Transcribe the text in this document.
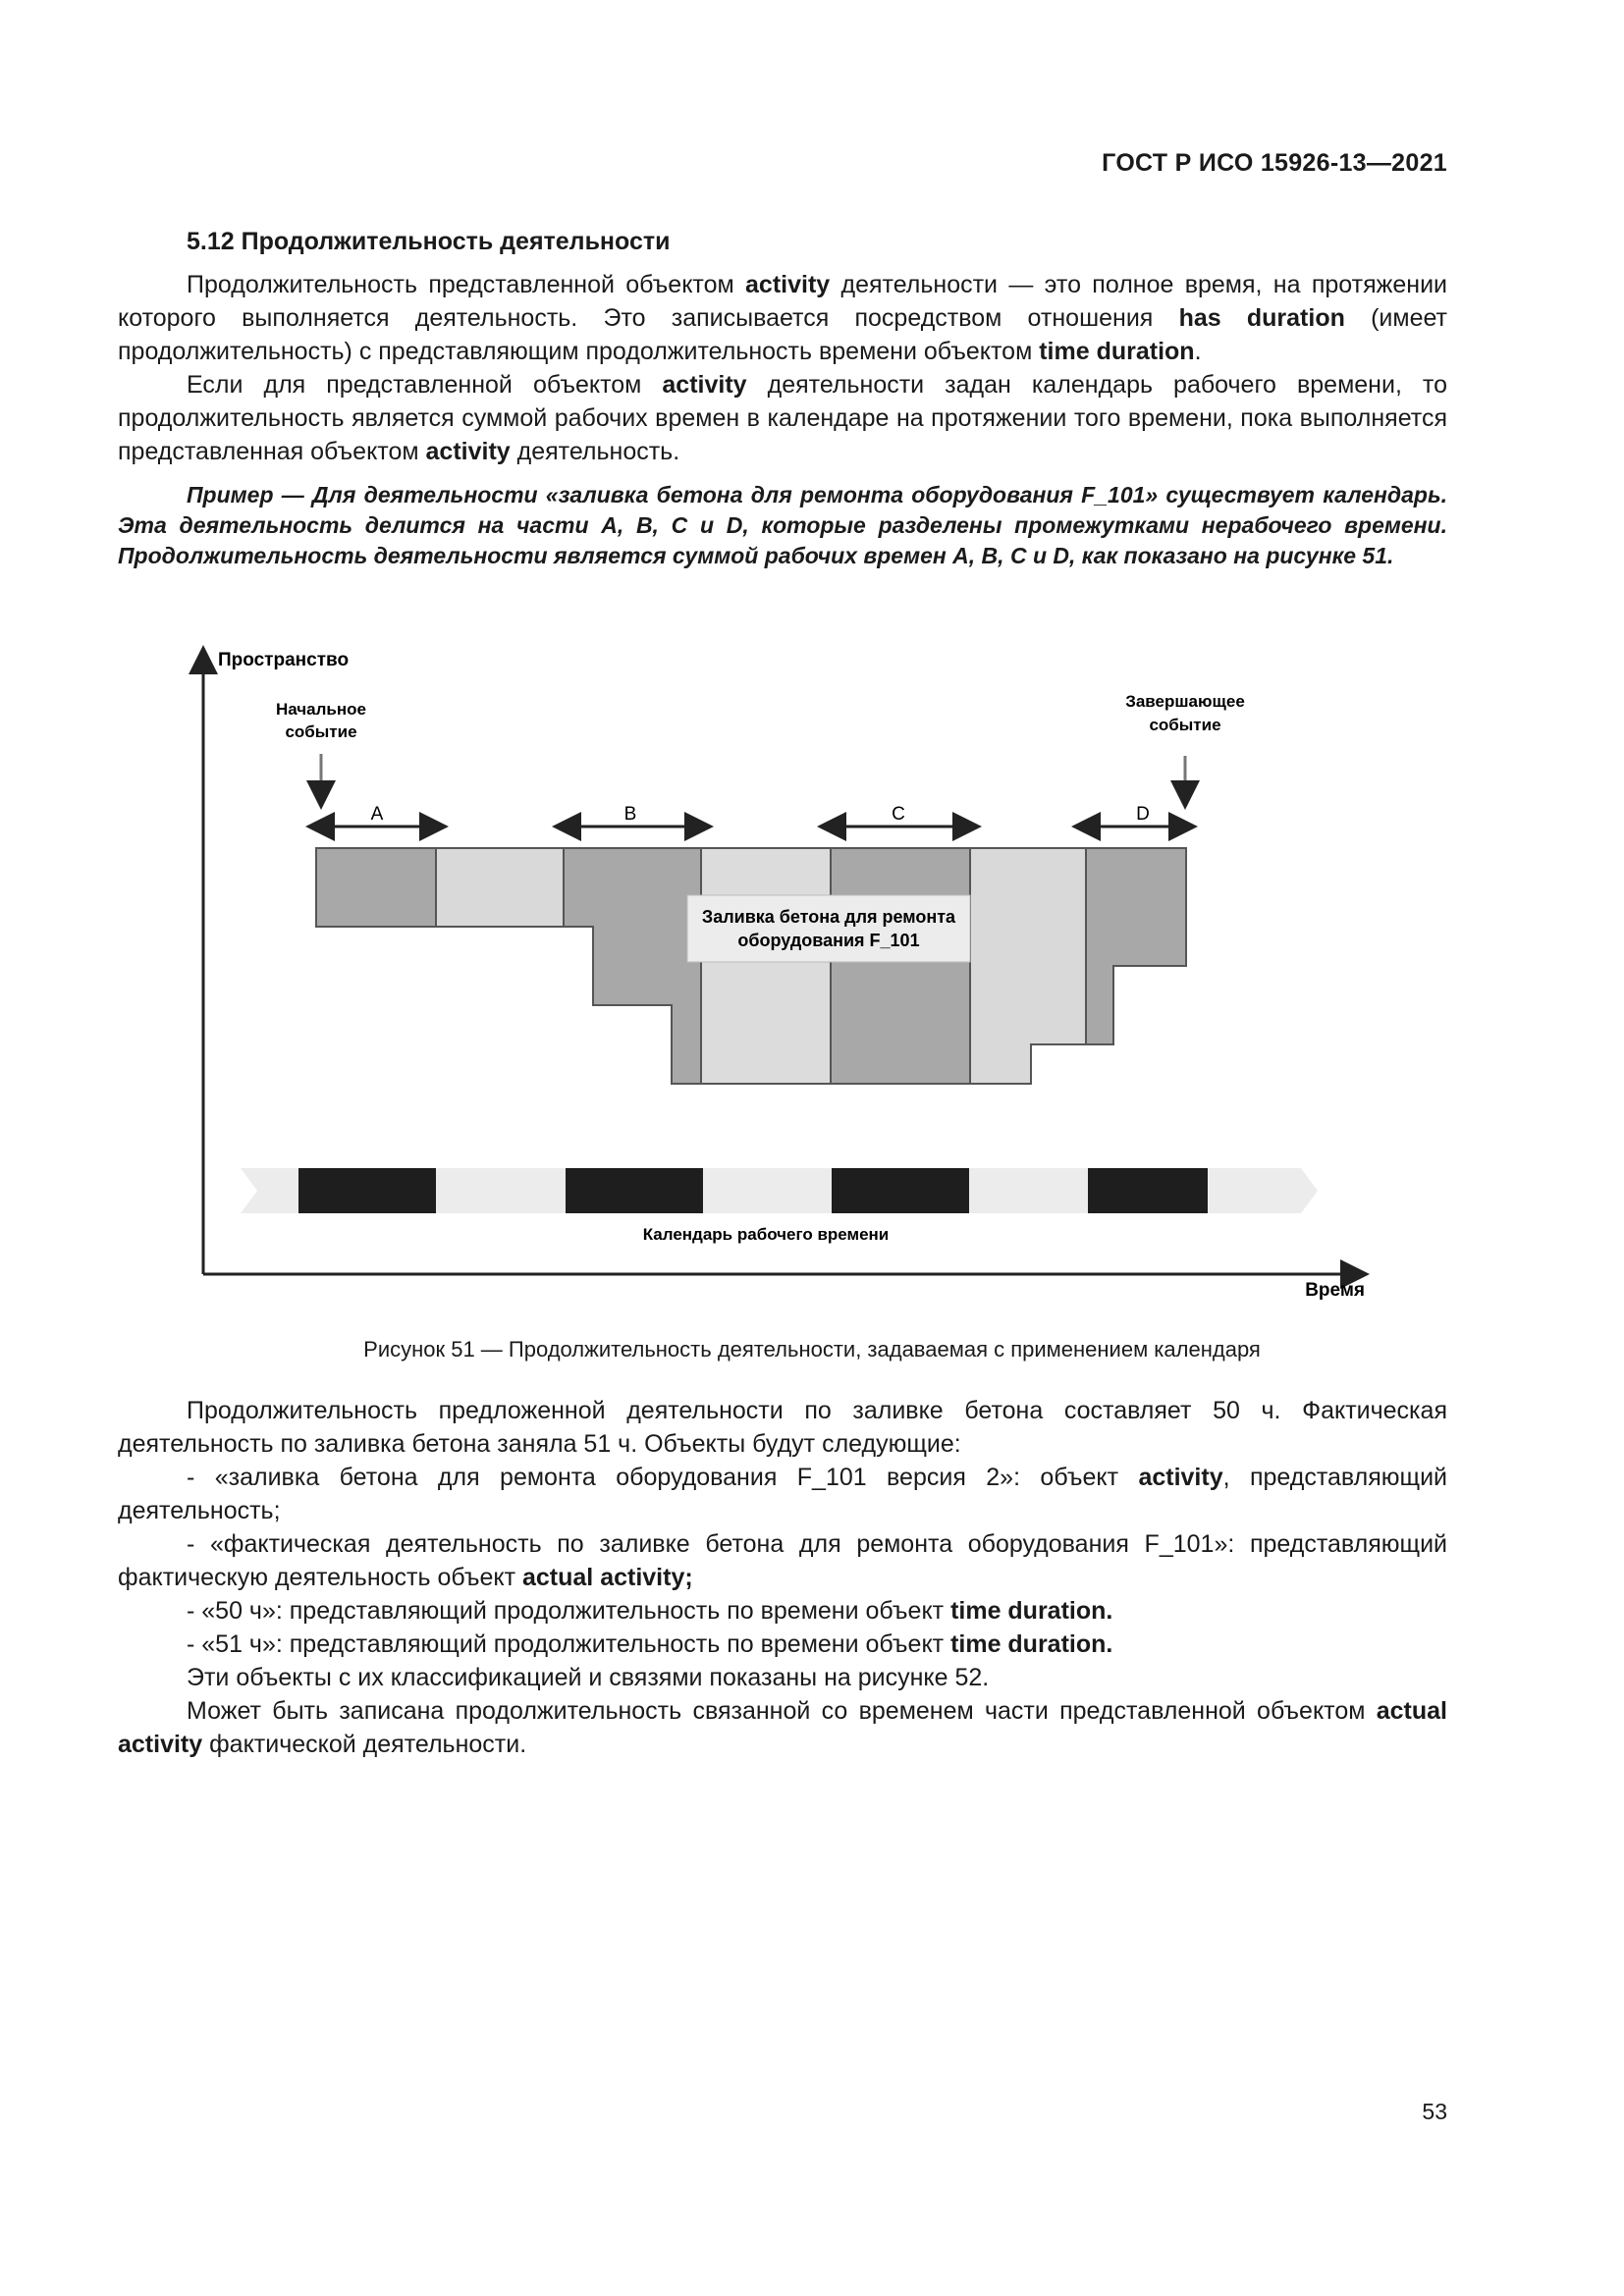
ГОСТ Р ИСО 15926-13—2021
5.12 Продолжительность деятельности

Продолжительность представленной объектом activity деятельности — это полное время, на протяжении которого выполняется деятельность. Это записывается посредством отношения has duration (имеет продолжительность) с представляющим продолжительность времени объектом time duration.

Если для представленной объектом activity деятельности задан календарь рабочего времени, то продолжительность является суммой рабочих времен в календаре на протяжении того времени, пока выполняется представленная объектом activity деятельность.

Пример — Для деятельности «заливка бетона для ремонта оборудования F_101» существует календарь. Эта деятельность делится на части A, B, C и D, которые разделены промежутками нерабочего времени. Продолжительность деятельности является суммой рабочих времен A, B, C и D, как показано на рисунке 51.

Пространство
Время
Начальное
событие
Завершающее
событие
A	B	C	D
Заливка бетона для ремонта
оборудования F_101
Календарь рабочего времени
Рисунок 51 — Продолжительность деятельности, задаваемая с применением календаря

Продолжительность предложенной деятельности по заливке бетона составляет 50 ч. Фактическая деятельность по заливка бетона заняла 51 ч. Объекты будут следующие:

- «заливка бетона для ремонта оборудования F_101 версия 2»: объект activity, представляющий деятельность;

- «фактическая деятельность по заливке бетона для ремонта оборудования F_101»: представляющий фактическую деятельность объект actual activity;

- «50 ч»: представляющий продолжительность по времени объект time duration.

- «51 ч»: представляющий продолжительность по времени объект time duration.

Эти объекты с их классификацией и связями показаны на рисунке 52.

Может быть записана продолжительность связанной со временем части представленной объектом actual activity фактической деятельности.

53
